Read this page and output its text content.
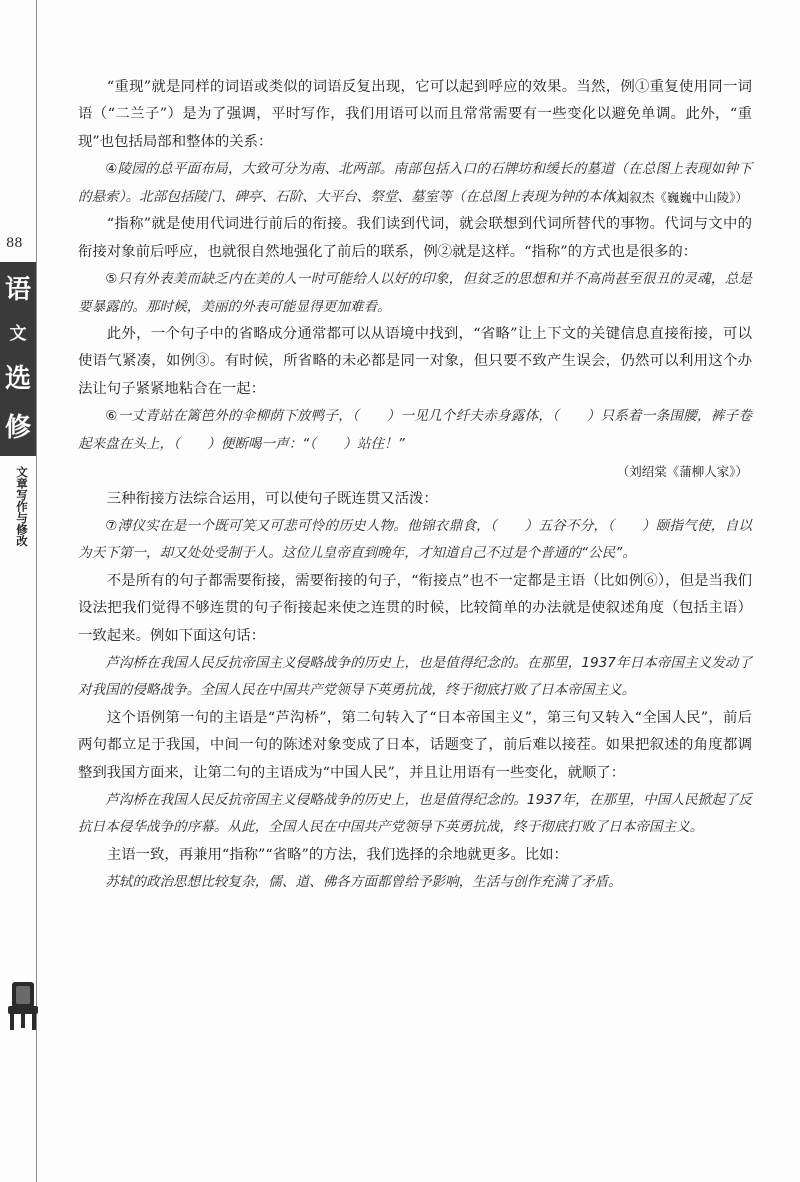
88
语
文
选
修
文章写作与修改

“重现”就是同样的词语或类似的词语反复出现，它可以起到呼应的效果。当然，例①重复使用同一词语（“二兰子”）是为了强调，平时写作，我们用语可以而且常常需要有一些变化以避免单调。此外，“重现”也包括局部和整体的关系：

④陵园的总平面布局，大致可分为南、北两部。南部包括入口的石牌坊和缓长的墓道（在总图上表现如钟下的悬索）。北部包括陵门、碑亭、石阶、大平台、祭堂、墓室等（在总图上表现为钟的本体）。

（刘叙杰《巍巍中山陵》）

“指称”就是使用代词进行前后的衔接。我们读到代词，就会联想到代词所替代的事物。代词与文中的衔接对象前后呼应，也就很自然地强化了前后的联系，例②就是这样。“指称”的方式也是很多的：

⑤只有外表美而缺乏内在美的人一时可能给人以好的印象，但贫乏的思想和并不高尚甚至很丑的灵魂，总是要暴露的。那时候，美丽的外表可能显得更加难看。

此外，一个句子中的省略成分通常都可以从语境中找到，“省略”让上下文的关键信息直接衔接，可以使语气紧凑，如例③。有时候，所省略的未必都是同一对象，但只要不致产生误会，仍然可以利用这个办法让句子紧紧地粘合在一起：

⑥一丈青站在篱笆外的伞柳荫下放鸭子，（　　）一见几个纤夫赤身露体，（　　）只系着一条围腰，裤子卷起来盘在头上，（　　）便断喝一声：“（　　）站住！”

（刘绍棠《蒲柳人家》）

三种衔接方法综合运用，可以使句子既连贯又活泼：

⑦溥仪实在是一个既可笑又可悲可怜的历史人物。他锦衣鼎食，（　　）五谷不分，（　　）颐指气使，自以为天下第一，却又处处受制于人。这位儿皇帝直到晚年，才知道自己不过是个普通的“公民”。

不是所有的句子都需要衔接，需要衔接的句子，“衔接点”也不一定都是主语（比如例⑥），但是当我们设法把我们觉得不够连贯的句子衔接起来使之连贯的时候，比较简单的办法就是使叙述角度（包括主语）一致起来。例如下面这句话：

芦沟桥在我国人民反抗帝国主义侵略战争的历史上，也是值得纪念的。在那里，1937年日本帝国主义发动了对我国的侵略战争。全国人民在中国共产党领导下英勇抗战，终于彻底打败了日本帝国主义。

这个语例第一句的主语是“芦沟桥”，第二句转入了“日本帝国主义”，第三句又转入“全国人民”，前后两句都立足于我国，中间一句的陈述对象变成了日本，话题变了，前后难以接茬。如果把叙述的角度都调整到我国方面来，让第二句的主语成为“中国人民”，并且让用语有一些变化，就顺了：

芦沟桥在我国人民反抗帝国主义侵略战争的历史上，也是值得纪念的。1937年，在那里，中国人民掀起了反抗日本侵华战争的序幕。从此，全国人民在中国共产党领导下英勇抗战，终于彻底打败了日本帝国主义。

主语一致，再兼用“指称”“省略”的方法，我们选择的余地就更多。比如：

苏轼的政治思想比较复杂，儒、道、佛各方面都曾给予影响，生活与创作充满了矛盾。
